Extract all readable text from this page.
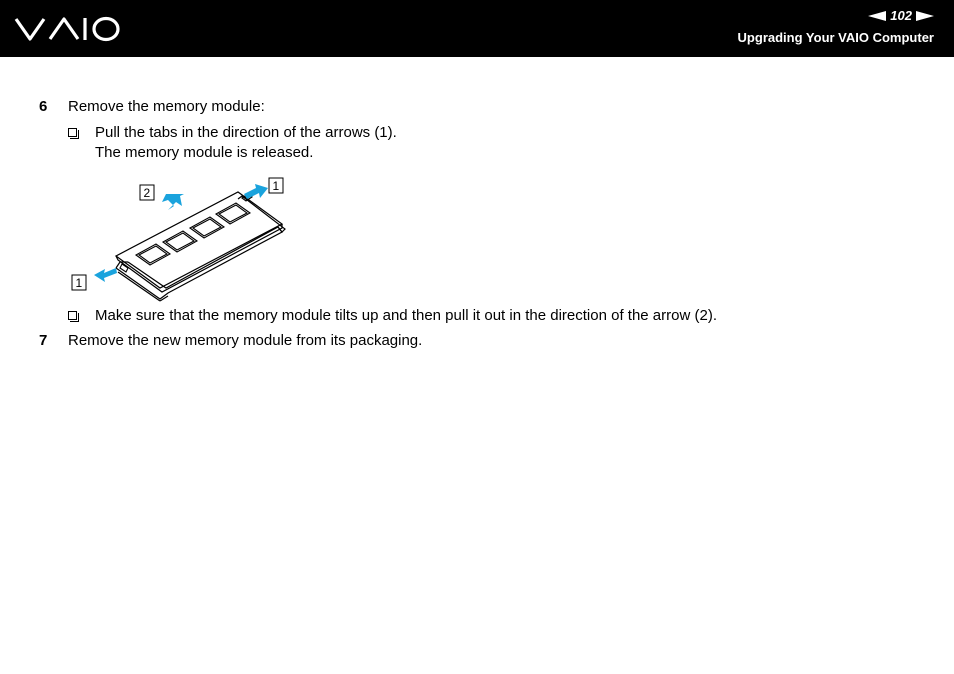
102
Upgrading Your VAIO Computer
6 Remove the memory module:
Pull the tabs in the direction of the arrows (1).
The memory module is released.
2	1
1
Make sure that the memory module tilts up and then pull it out in the direction of the arrow (2).
7 Remove the new memory module from its packaging.
